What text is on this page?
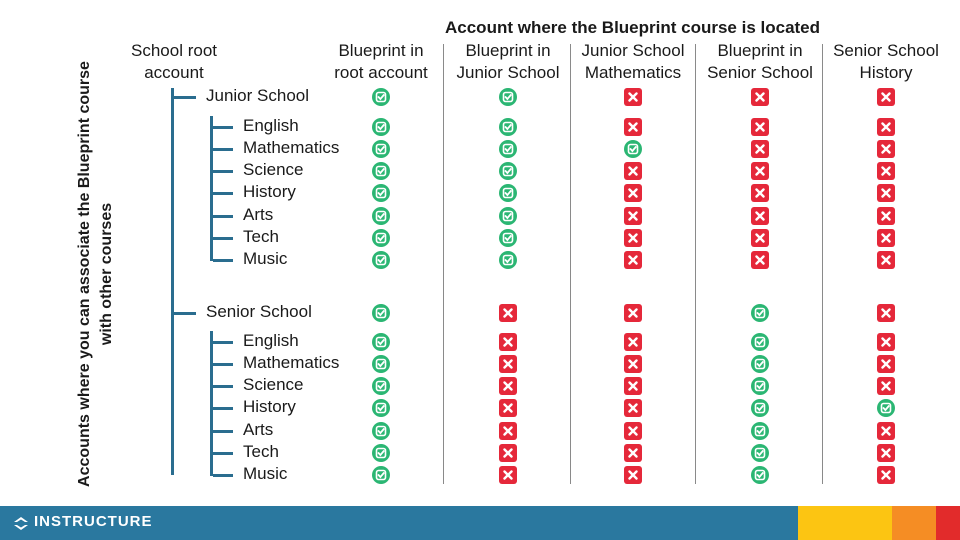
Account where the Blueprint course is located
School root
account
Accounts where you can associate the Blueprint course with other courses
INSTRUCTURE
Blueprint in
root account
Blueprint in
Junior School
Junior School
Mathematics
Blueprint in
Senior School
Senior School
History
Junior School
English
Mathematics
Science
History
Arts
Tech
Music
Senior School
English
Mathematics
Science
History
Arts
Tech
Music
